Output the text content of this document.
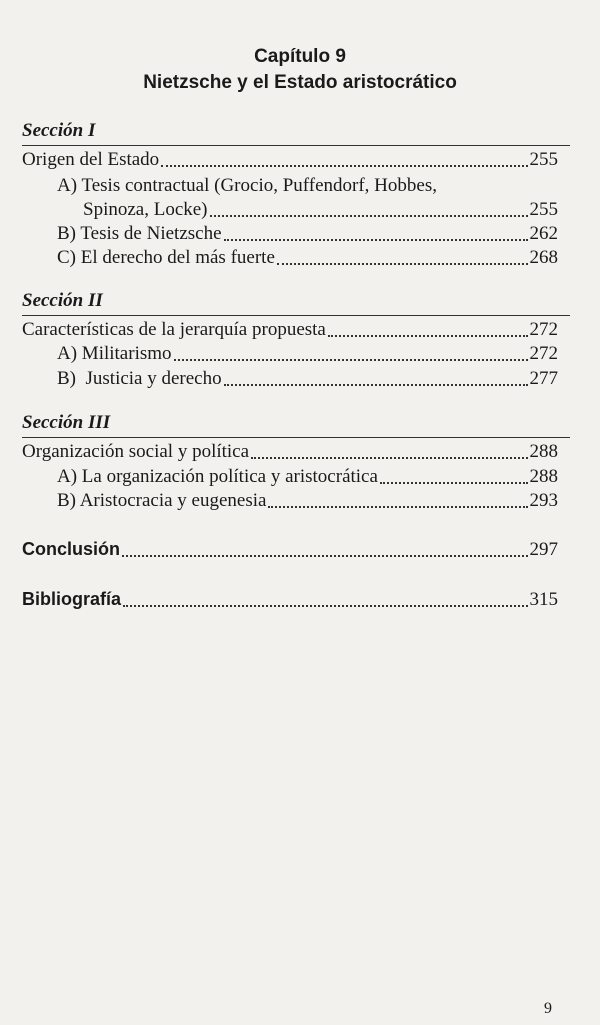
Capítulo 9
Nietzsche y el Estado aristocrático
Sección I
Origen del Estado	255
A) Tesis contractual (Grocio, Puffendorf, Hobbes,
Spinoza, Locke)	255
B) Tesis de Nietzsche	262
C) El derecho del más fuerte	268
Sección II
Características de la jerarquía propuesta	272
A) Militarismo	272
B)  Justicia y derecho	277
Sección III
Organización social y política	288
A) La organización política y aristocrática	288
B) Aristocracia y eugenesia	293
Conclusión	297
Bibliografía	315
9
